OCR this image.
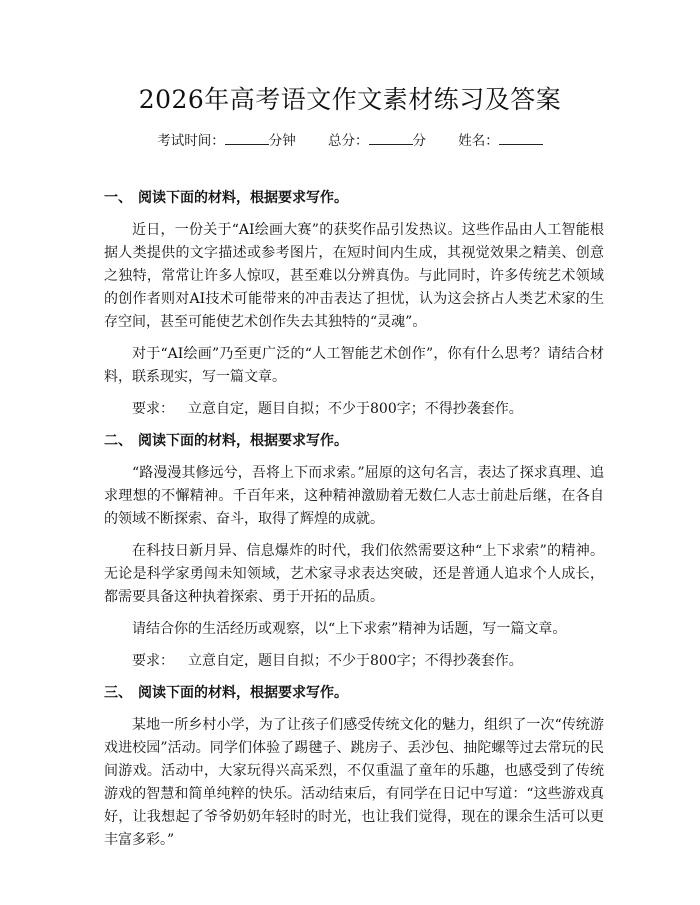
2026年高考语文作文素材练习及答案
考试时间：	分钟 总分：	分 姓名：
一、 阅读下面的材料，根据要求写作。
近日，一份关于“AI绘画大赛”的获奖作品引发热议。这些作品由人工智能根据人类提供的文字描述或参考图片，在短时间内生成，其视觉效果之精美、创意之独特，常常让许多人惊叹，甚至难以分辨真伪。与此同时，许多传统艺术领域的创作者则对AI技术可能带来的冲击表达了担忧，认为这会挤占人类艺术家的生存空间，甚至可能使艺术创作失去其独特的“灵魂”。
对于“AI绘画”乃至更广泛的“人工智能艺术创作”，你有什么思考？请结合材料，联系现实，写一篇文章。
要求： 立意自定，题目自拟；不少于800字；不得抄袭套作。
二、 阅读下面的材料，根据要求写作。
“路漫漫其修远兮，吾将上下而求索。”屈原的这句名言，表达了探求真理、追求理想的不懈精神。千百年来，这种精神激励着无数仁人志士前赴后继，在各自的领域不断探索、奋斗，取得了辉煌的成就。
在科技日新月异、信息爆炸的时代，我们依然需要这种“上下求索”的精神。无论是科学家勇闯未知领域，艺术家寻求表达突破，还是普通人追求个人成长，都需要具备这种执着探索、勇于开拓的品质。
请结合你的生活经历或观察，以“上下求索”精神为话题，写一篇文章。
要求： 立意自定，题目自拟；不少于800字；不得抄袭套作。
三、 阅读下面的材料，根据要求写作。
某地一所乡村小学，为了让孩子们感受传统文化的魅力，组织了一次“传统游戏进校园”活动。同学们体验了踢毽子、跳房子、丢沙包、抽陀螺等过去常玩的民间游戏。活动中，大家玩得兴高采烈，不仅重温了童年的乐趣，也感受到了传统游戏的智慧和简单纯粹的快乐。活动结束后，有同学在日记中写道：“这些游戏真好，让我想起了爷爷奶奶年轻时的时光，也让我们觉得，现在的课余生活可以更丰富多彩。”
